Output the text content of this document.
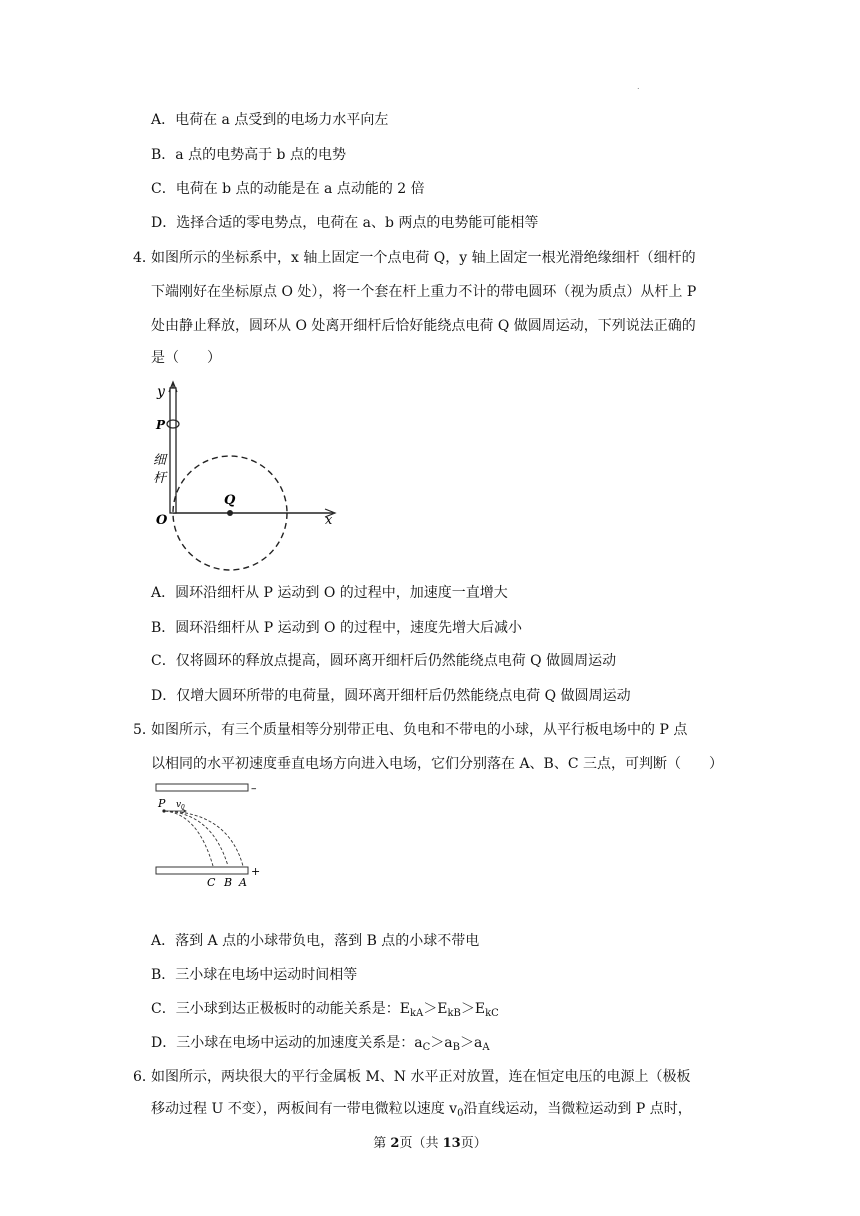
.
A．电荷在 a 点受到的电场力水平向左
B．a 点的电势高于 b 点的电势
C．电荷在 b 点的动能是在 a 点动能的 2 倍
D．选择合适的零电势点，电荷在 a、b 两点的电势能可能相等
4．
如图所示的坐标系中，x 轴上固定一个点电荷 Q，y 轴上固定一根光滑绝缘细杆（细杆的
下端刚好在坐标原点 O 处），将一个套在杆上重力不计的带电圆环（视为质点）从杆上 P
处由静止释放，圆环从 O 处离开细杆后恰好能绕点电荷 Q 做圆周运动，下列说法正确的
是（　　）
y
P
细
杆
Q
O	x
A．圆环沿细杆从 P 运动到 O 的过程中，加速度一直增大
B．圆环沿细杆从 P 运动到 O 的过程中，速度先增大后减小
C．仅将圆环的释放点提高，圆环离开细杆后仍然能绕点电荷 Q 做圆周运动
D．仅增大圆环所带的电荷量，圆环离开细杆后仍然能绕点电荷 Q 做圆周运动
5．
如图所示，有三个质量相等分别带正电、负电和不带电的小球，从平行板电场中的 P 点
以相同的水平初速度垂直电场方向进入电场，它们分别落在 A、B、C 三点，可判断（　　）
–
+
P v 0
C B A
A．落到 A 点的小球带负电，落到 B 点的小球不带电
B．三小球在电场中运动时间相等
C．三小球到达正极板时的动能关系是：$E_{kA}>E_{kB}>E_{kC}$
D．三小球在电场中运动的加速度关系是：$a_C>a_B>a_A$
6．
如图所示，两块很大的平行金属板 M、N 水平正对放置，连在恒定电压的电源上（极板
移动过程 U 不变），两板间有一带电微粒以速度 $v_0$沿直线运动，当微粒运动到 P 点时，
第 2页（共 13页）
